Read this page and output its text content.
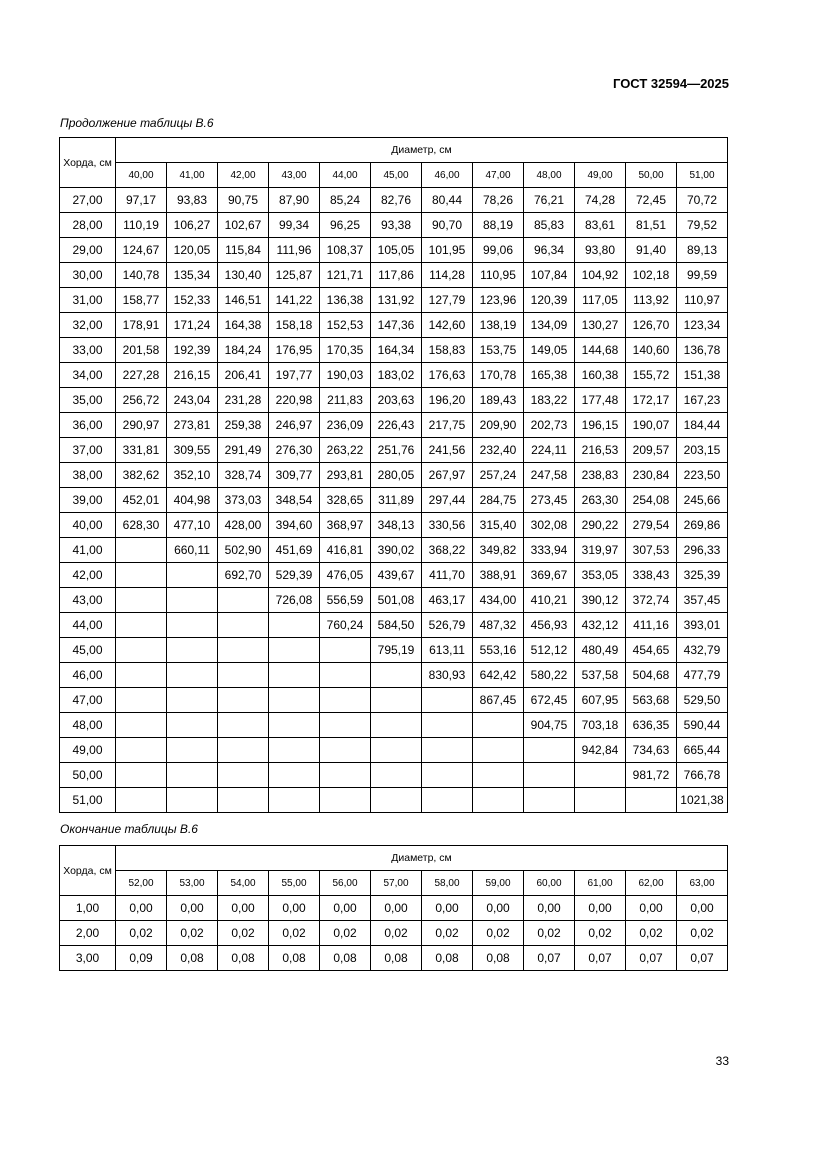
ГОСТ 32594—2025
Продолжение таблицы В.6
Хорда, см	Диаметр, см											
	40,00	41,00	42,00	43,00	44,00	45,00	46,00	47,00	48,00	49,00	50,00	51,00
27,00	97,17	93,83	90,75	87,90	85,24	82,76	80,44	78,26	76,21	74,28	72,45	70,72
28,00	110,19	106,27	102,67	99,34	96,25	93,38	90,70	88,19	85,83	83,61	81,51	79,52
29,00	124,67	120,05	115,84	111,96	108,37	105,05	101,95	99,06	96,34	93,80	91,40	89,13
30,00	140,78	135,34	130,40	125,87	121,71	117,86	114,28	110,95	107,84	104,92	102,18	99,59
31,00	158,77	152,33	146,51	141,22	136,38	131,92	127,79	123,96	120,39	117,05	113,92	110,97
32,00	178,91	171,24	164,38	158,18	152,53	147,36	142,60	138,19	134,09	130,27	126,70	123,34
33,00	201,58	192,39	184,24	176,95	170,35	164,34	158,83	153,75	149,05	144,68	140,60	136,78
34,00	227,28	216,15	206,41	197,77	190,03	183,02	176,63	170,78	165,38	160,38	155,72	151,38
35,00	256,72	243,04	231,28	220,98	211,83	203,63	196,20	189,43	183,22	177,48	172,17	167,23
36,00	290,97	273,81	259,38	246,97	236,09	226,43	217,75	209,90	202,73	196,15	190,07	184,44
37,00	331,81	309,55	291,49	276,30	263,22	251,76	241,56	232,40	224,11	216,53	209,57	203,15
38,00	382,62	352,10	328,74	309,77	293,81	280,05	267,97	257,24	247,58	238,83	230,84	223,50
39,00	452,01	404,98	373,03	348,54	328,65	311,89	297,44	284,75	273,45	263,30	254,08	245,66
40,00	628,30	477,10	428,00	394,60	368,97	348,13	330,56	315,40	302,08	290,22	279,54	269,86
41,00		660,11	502,90	451,69	416,81	390,02	368,22	349,82	333,94	319,97	307,53	296,33
42,00			692,70	529,39	476,05	439,67	411,70	388,91	369,67	353,05	338,43	325,39
43,00				726,08	556,59	501,08	463,17	434,00	410,21	390,12	372,74	357,45
44,00					760,24	584,50	526,79	487,32	456,93	432,12	411,16	393,01
45,00						795,19	613,11	553,16	512,12	480,49	454,65	432,79
46,00							830,93	642,42	580,22	537,58	504,68	477,79
47,00								867,45	672,45	607,95	563,68	529,50
48,00									904,75	703,18	636,35	590,44
49,00										942,84	734,63	665,44
50,00											981,72	766,78
51,00												1021,38
Окончание таблицы В.6
Хорда, см	Диаметр, см											
	52,00	53,00	54,00	55,00	56,00	57,00	58,00	59,00	60,00	61,00	62,00	63,00
1,00	0,00	0,00	0,00	0,00	0,00	0,00	0,00	0,00	0,00	0,00	0,00	0,00
2,00	0,02	0,02	0,02	0,02	0,02	0,02	0,02	0,02	0,02	0,02	0,02	0,02
3,00	0,09	0,08	0,08	0,08	0,08	0,08	0,08	0,08	0,07	0,07	0,07	0,07
33
